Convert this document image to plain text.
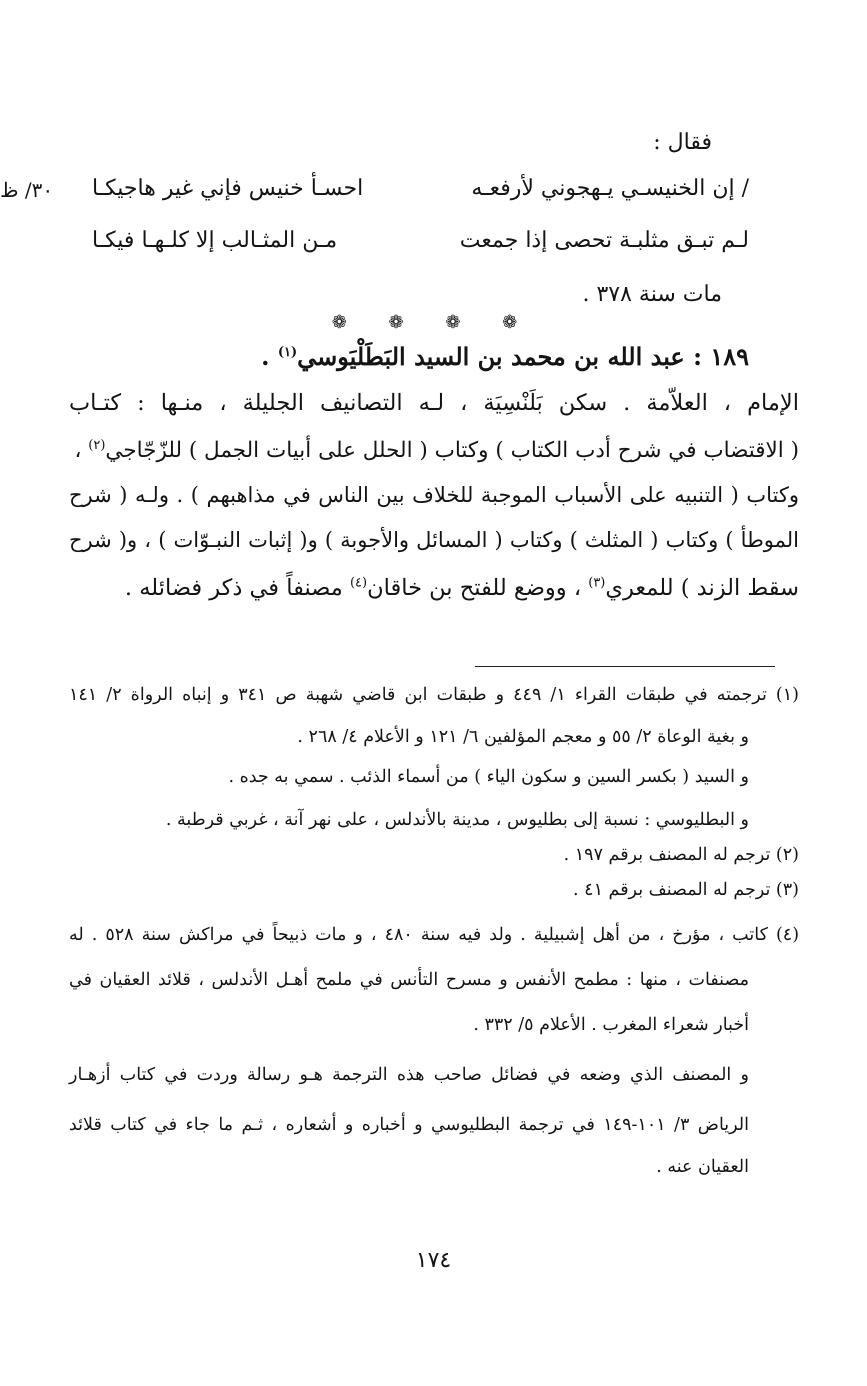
فقال :
٣٠/ ظ	/ إن الخنيسـي يـهجوني لأرفعـه
احسـأ خنيس فإني غير هاجيكـا
لـم تبـق مثلبـة تحصى إذا جمعت
مـن المثـالب إلا كلـهـا فيكـا
مات سنة ٣٧٨ .
❁ ❁ ❁ ❁
١٨٩ : عبد الله بن محمد بن السيد البَطَلْيَوسي$^{(١)}$ .
الإمام ، العلاّمة . سكن بَلَنْسِيَة ، لـه التصانيف الجليلة ، منـها : كتـاب
( الاقتضاب في شرح أدب الكتاب ) وكتاب ( الحلل على أبيات الجمل ) للزّجّاجي$^{(٢)}$ ،
وكتاب ( التنبيه على الأسباب الموجبة للخلاف بين الناس في مذاهبهم ) . ولـه ( شرح
الموطأ ) وكتاب ( المثلث ) وكتاب ( المسائل والأجوبة ) و( إثبات النبـوّات ) ، و( شرح
سقط الزند ) للمعري$^{(٣)}$ ، ووضع للفتح بن خاقان$^{(٤)}$ مصنفاً في ذكر فضائله .
(١) ترجمته في طبقات القراء ١/ ٤٤٩ و طبقات ابن قاضي شهبة ص ٣٤١ و إنباه الرواة ٢/ ١٤١
و بغية الوعاة ٢/ ٥٥ و معجم المؤلفين ٦/ ١٢١ و الأعلام ٤/ ٢٦٨ .
و السيد ( بكسر السين و سكون الياء ) من أسماء الذئب . سمي به جده .
و البطليوسي : نسبة إلى بطليوس ، مدينة بالأندلس ، على نهر آنة ، غربي قرطبة .
(٢) ترجم له المصنف برقم ١٩٧ .
(٣) ترجم له المصنف برقم ٤١ .
(٤) كاتب ، مؤرخ ، من أهل إشبيلية . ولد فيه سنة ٤٨٠ ، و مات ذبيحاً في مراكش سنة ٥٢٨ . له
مصنفات ، منها : مطمح الأنفس و مسرح التأنس في ملمح أهـل الأندلس ، قلائد العقيان في
أخبار شعراء المغرب . الأعلام ٥/ ٣٣٢ .
و المصنف الذي وضعه في فضائل صاحب هذه الترجمة هـو رسالة وردت في كتاب أزهـار
الرياض ٣/ ١٠١-١٤٩ في ترجمة البطليوسي و أخباره و أشعاره ، ثـم ما جاء في كتاب قلائد
العقيان عنه .
١٧٤
